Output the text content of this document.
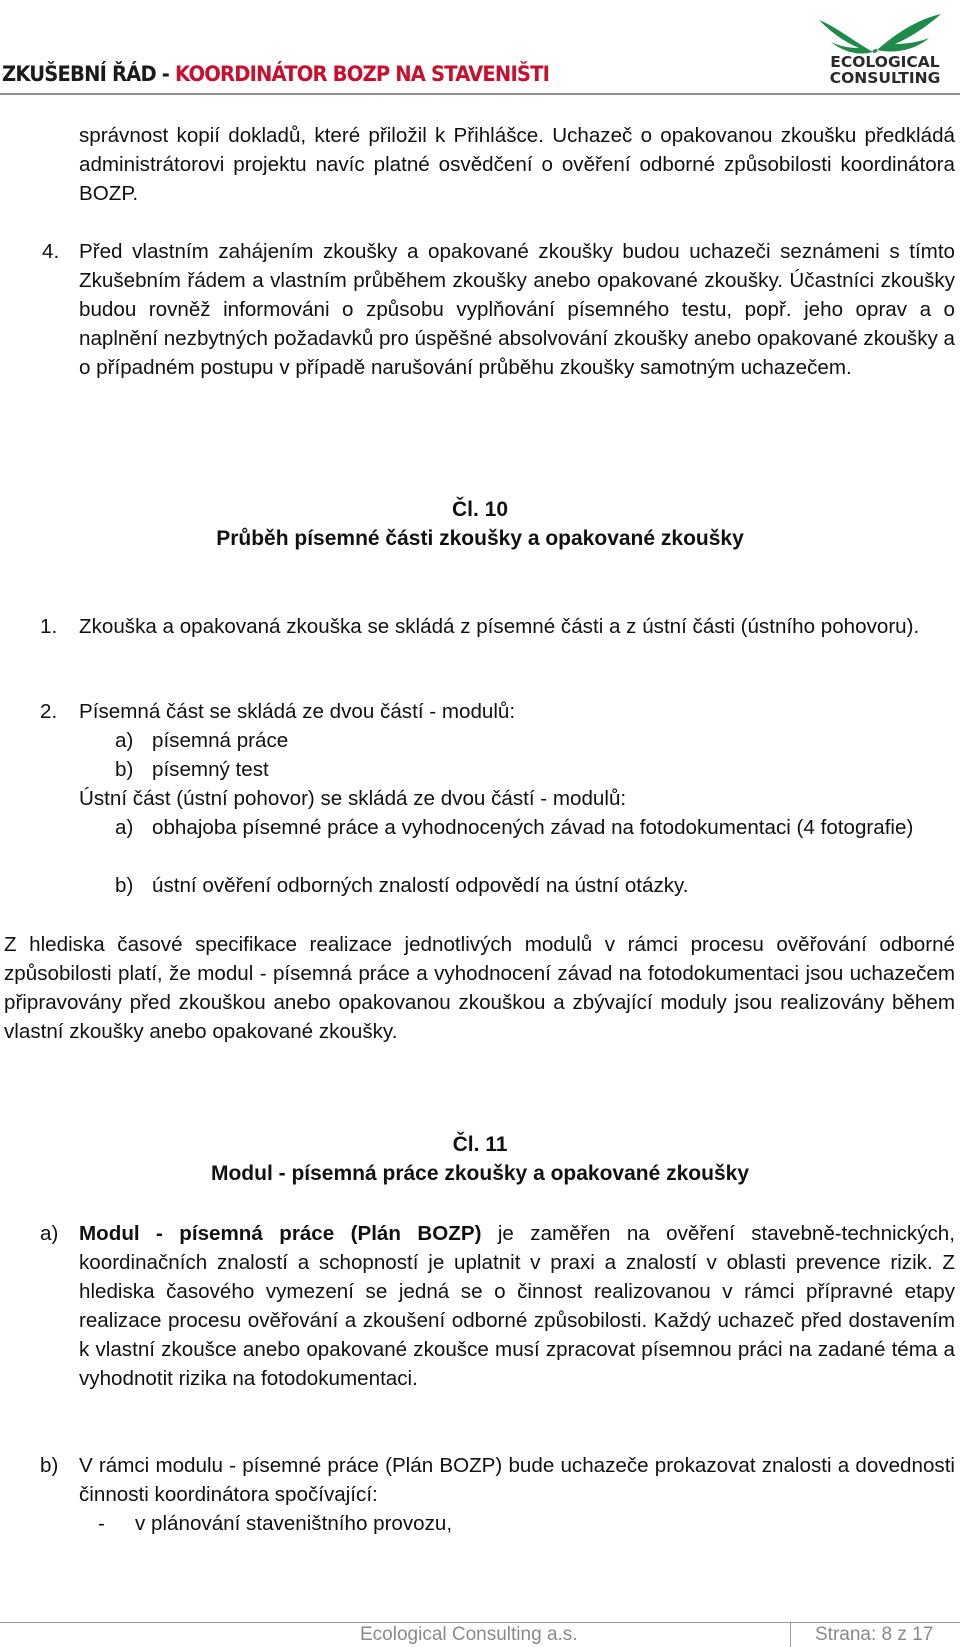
ZKUŠEBNÍ ŘÁD - KOORDINÁTOR BOZP NA STAVENIŠTI	ECOLOGICAL
CONSULTING
správnost kopií dokladů, které přiložil k Přihlášce. Uchazeč o opakovanou zkoušku předkládá administrátorovi projektu navíc platné osvědčení o ověření odborné způsobilosti koordinátora BOZP.
4. Před vlastním zahájením zkoušky a opakované zkoušky budou uchazeči seznámeni s tímto Zkušebním řádem a vlastním průběhem zkoušky anebo opakované zkoušky. Účastníci zkoušky budou rovněž informováni o způsobu vyplňování písemného testu, popř. jeho oprav a o naplnění nezbytných požadavků pro úspěšné absolvování zkoušky anebo opakované zkoušky a o případném postupu v případě narušování průběhu zkoušky samotným uchazečem.
Čl. 10
Průběh písemné části zkoušky a opakované zkoušky
1. Zkouška a opakovaná zkouška se skládá z písemné části a z ústní části (ústního pohovoru).
2. Písemná část se skládá ze dvou částí - modulů:
a) písemná práce
b) písemný test
Ústní část (ústní pohovor) se skládá ze dvou částí - modulů:
a) obhajoba písemné práce a vyhodnocených závad na fotodokumentaci (4 fotografie)
b) ústní ověření odborných znalostí odpovědí na ústní otázky.
Z hlediska časové specifikace realizace jednotlivých modulů v rámci procesu ověřování odborné způsobilosti platí, že modul - písemná práce a vyhodnocení závad na fotodokumentaci jsou uchazečem připravovány před zkouškou anebo opakovanou zkouškou a zbývající moduly jsou realizovány během vlastní zkoušky anebo opakované zkoušky.
Čl. 11
Modul - písemná práce zkoušky a opakované zkoušky
a) Modul - písemná práce (Plán BOZP) je zaměřen na ověření stavebně-technických, koordinačních znalostí a schopností je uplatnit v praxi a znalostí v oblasti prevence rizik. Z hlediska časového vymezení se jedná se o činnost realizovanou v rámci přípravné etapy realizace procesu ověřování a zkoušení odborné způsobilosti. Každý uchazeč před dostavením k vlastní zkoušce anebo opakované zkoušce musí zpracovat písemnou práci na zadané téma a vyhodnotit rizika na fotodokumentaci.
b) V rámci modulu - písemné práce (Plán BOZP) bude uchazeče prokazovat znalosti a dovednosti činnosti koordinátora spočívající:
- v plánování staveništního provozu,
Ecological Consulting a.s.	Strana: 8 z 17
